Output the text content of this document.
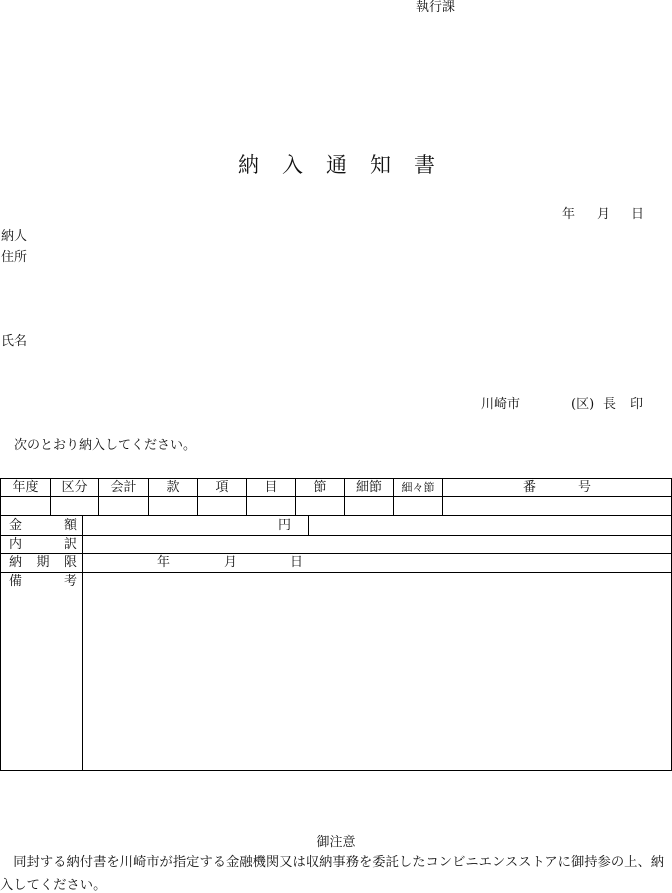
執行課
納入通知書
年 月 日
納人
住所
氏名
川崎市	(区) 長 印
次のとおり納入してください。
年度	区分	会計	款	項	目	節	細節	細々節	番号
金額	円
内訳
納期限	年	月	日
備考
御注意
　同封する納付書を川崎市が指定する金融機関又は収納事務を委託したコンビニエンスストアに御持参の上、納入してください。
